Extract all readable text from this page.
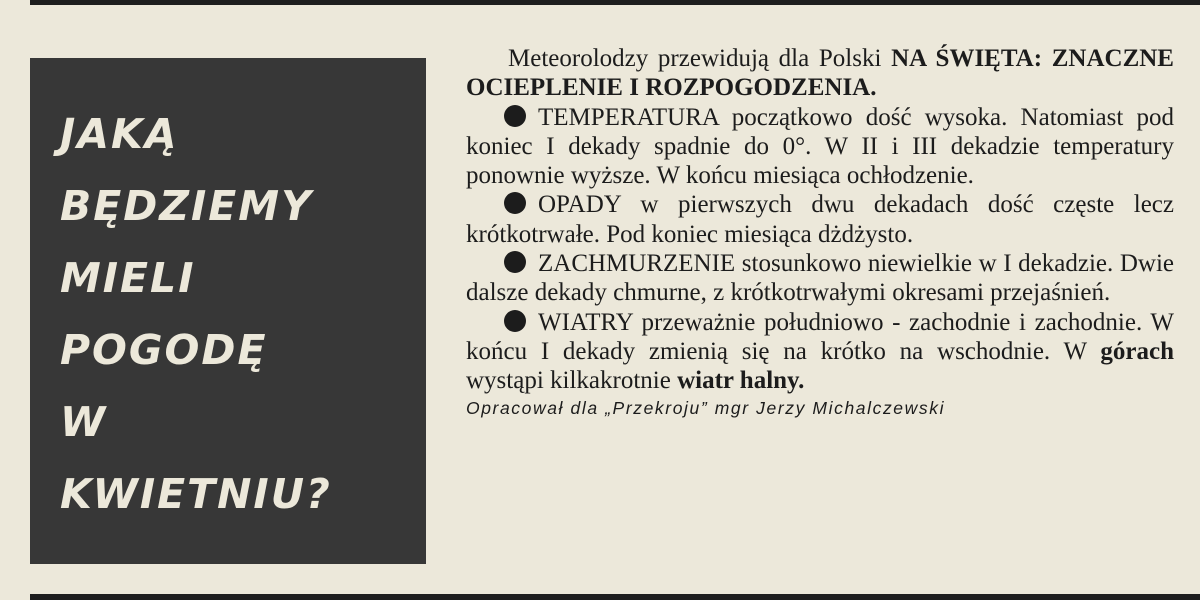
JAKĄ
BĘDZIEMY
MIELI
POGODĘ
W
KWIETNIU?

Meteorolodzy przewidują dla Polski NA ŚWIĘTA: ZNACZNE OCIEPLENIE I ROZPOGODZENIA.

TEMPERATURA początkowo dość wysoka. Natomiast pod koniec I dekady spadnie do 0°. W II i III dekadzie temperatury ponownie wyższe. W końcu miesiąca ochłodzenie.

OPADY w pierwszych dwu dekadach dość częste lecz krótkotrwałe. Pod koniec miesiąca dżdżysto.

ZACHMURZENIE stosunkowo niewielkie w I dekadzie. Dwie dalsze dekady chmurne, z krótkotrwałymi okresami przejaśnień.

WIATRY przeważnie południowo - zachodnie i zachodnie. W końcu I dekady zmienią się na krótko na wschodnie. W górach wystąpi kilkakrotnie wiatr halny.

Opracował dla „Przekroju” mgr Jerzy Michalczewski
